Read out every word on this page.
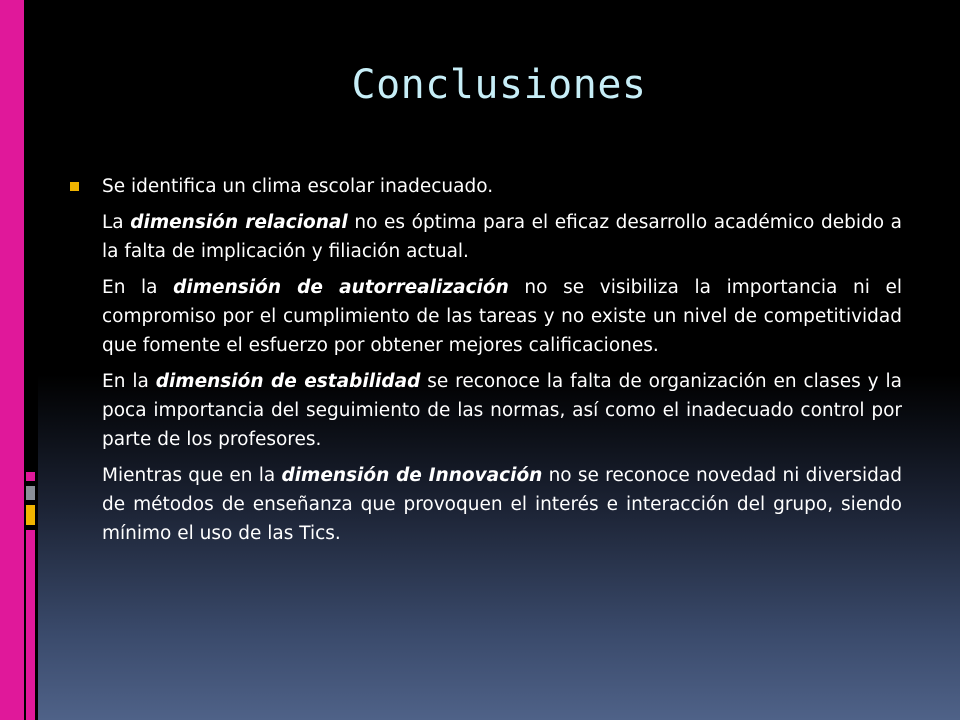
Conclusiones
Se identifica un clima escolar inadecuado.
La dimensión relacional no es óptima para el eficaz desarrollo académico debido a la falta de implicación y filiación actual.
En la dimensión de autorrealización no se visibiliza la importancia ni el compromiso por el cumplimiento de las tareas y no existe un nivel de competitividad que fomente el esfuerzo por obtener mejores calificaciones.
En la dimensión de estabilidad se reconoce la falta de organización en clases y la poca importancia del seguimiento de las normas, así como el inadecuado control por parte de los profesores.
Mientras que en la dimensión de Innovación no se reconoce novedad ni diversidad de métodos de enseñanza que provoquen el interés e interacción del grupo, siendo mínimo el uso de las Tics.
